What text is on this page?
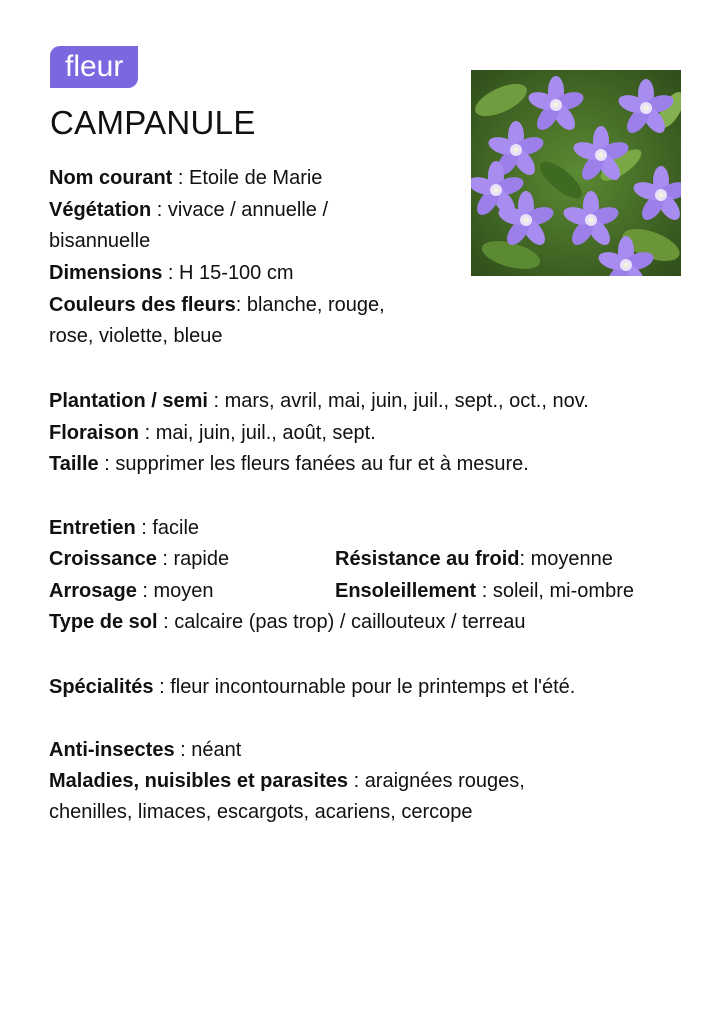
fleur
CAMPANULE
Nom courant : Etoile de Marie
Végétation : vivace / annuelle /
bisannuelle
Dimensions : H 15-100 cm
Couleurs des fleurs: blanche, rouge,
rose, violette, bleue
Plantation / semi : mars, avril, mai, juin, juil., sept., oct., nov.
Floraison : mai, juin, juil., août, sept.
Taille : supprimer les fleurs fanées au fur et à mesure.
Entretien : facile
Croissance : rapide	Résistance au froid: moyenne
Arrosage : moyen	Ensoleillement : soleil, mi-ombre
Type de sol : calcaire (pas trop) / caillouteux / terreau
Spécialités : fleur incontournable pour le printemps et l'été.
Anti-insectes : néant
Maladies, nuisibles et parasites : araignées rouges,
chenilles, limaces, escargots, acariens, cercope
